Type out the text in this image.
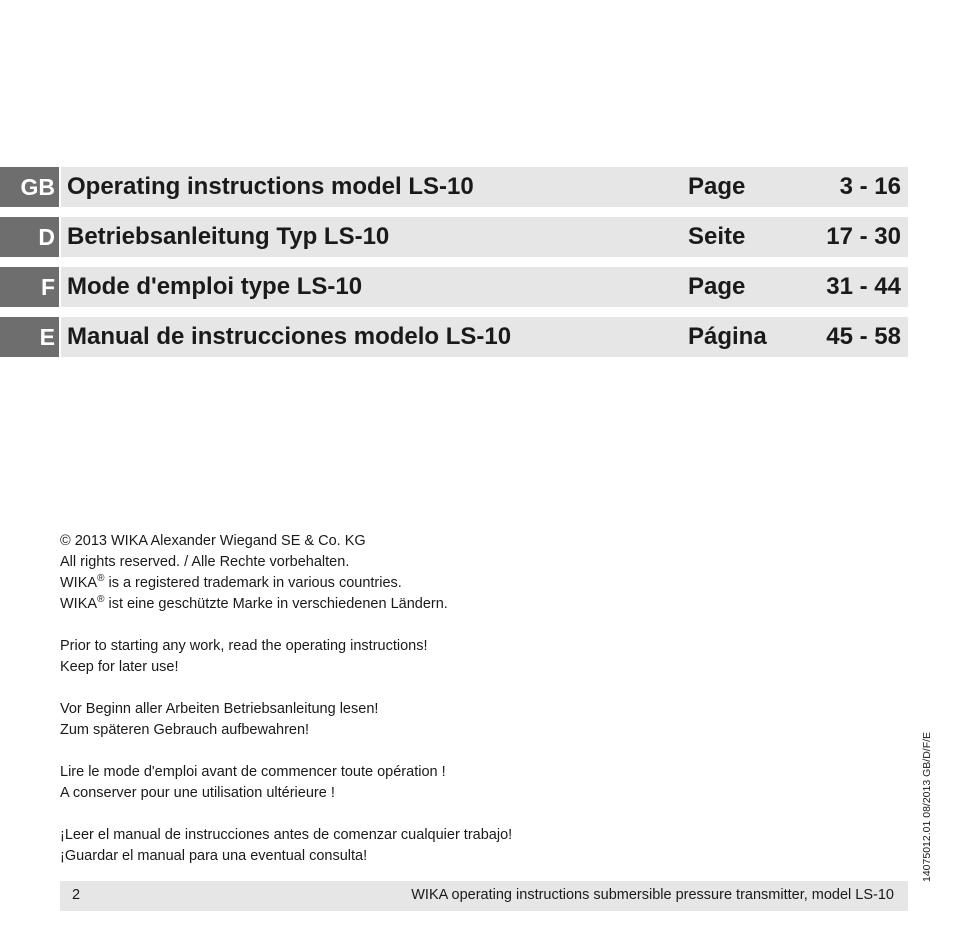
GB Operating instructions model LS-10	Page	3 - 16
D Betriebsanleitung Typ LS-10	Seite	17 - 30
F Mode d'emploi type LS-10	Page	31 - 44
E Manual de instrucciones modelo LS-10	Página 45 - 58

© 2013 WIKA Alexander Wiegand SE & Co. KG

All rights reserved. / Alle Rechte vorbehalten.

WIKA® is a registered trademark in various countries.

WIKA® ist eine geschützte Marke in verschiedenen Ländern.

Prior to starting any work, read the operating instructions!

Keep for later use!

Vor Beginn aller Arbeiten Betriebsanleitung lesen!

Zum späteren Gebrauch aufbewahren!

Lire le mode d'emploi avant de commencer toute opération !

A conserver pour une utilisation ultérieure !

¡Leer el manual de instrucciones antes de comenzar cualquier trabajo!

¡Guardar el manual para una eventual consulta!	14075012.01 08/2013 GB/D/F/E
2	WIKA operating instructions submersible pressure transmitter, model LS-10
